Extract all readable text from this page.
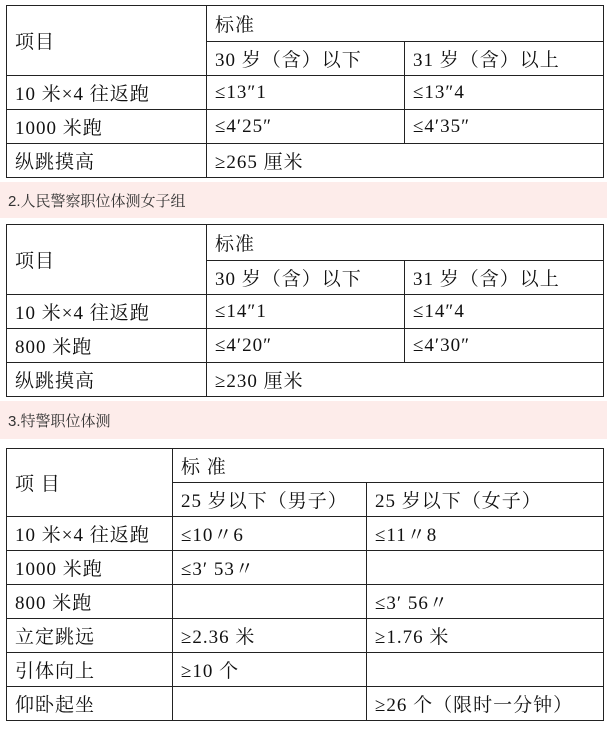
项目	标准	
	30 岁（含）以下	31 岁（含）以上
10 米×4 往返跑	≤13″1	≤13″4
1000 米跑	≤4′25″	≤4′35″
纵跳摸高	≥265 厘米	
2.人民警察职位体测女子组
项目	标准	
	30 岁（含）以下	31 岁（含）以上
10 米×4 往返跑	≤14″1	≤14″4
800 米跑	≤4′20″	≤4′30″
纵跳摸高	≥230 厘米	
3.特警职位体测
项 目	标 准	
	25 岁以下（男子）	25 岁以下（女子）
10 米×4 往返跑	≤10〃6	≤11〃8
1000 米跑	≤3′ 53〃	
800 米跑		≤3′ 56〃
立定跳远	≥2.36 米	≥1.76 米
引体向上	≥10 个	
仰卧起坐		≥26 个（限时一分钟）
